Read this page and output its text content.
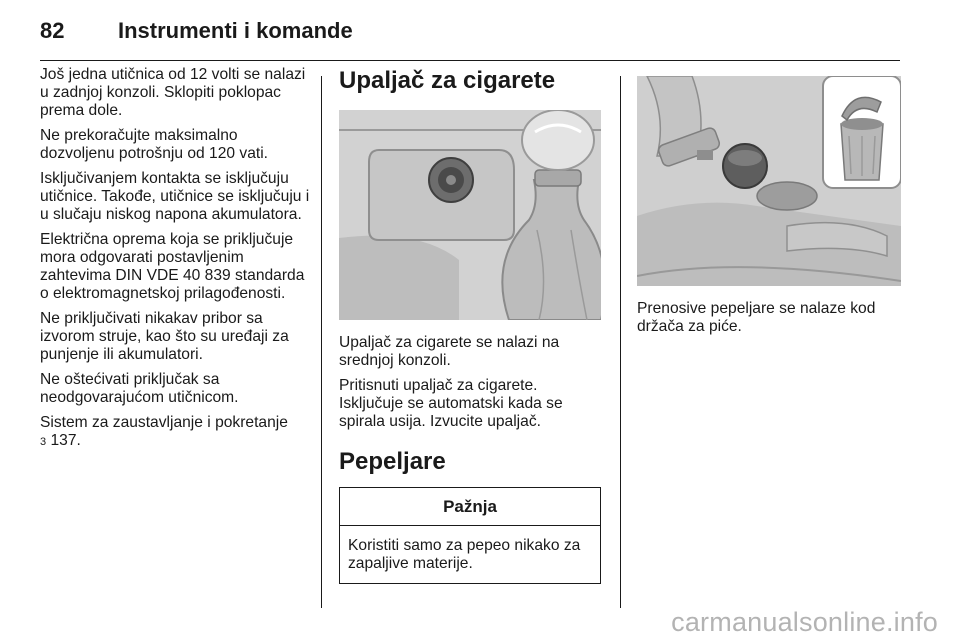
82 Instrumenti i komande

Još jedna utičnica od 12 volti se nalazi u zadnjoj konzoli. Sklopiti poklopac prema dole.

Ne prekoračujte maksimalno dozvoljenu potrošnju od 120 vati.

Isključivanjem kontakta se isključuju utičnice. Takođe, utičnice se isključuju i u slučaju niskog napona akumulatora.

Električna oprema koja se priključuje mora odgovarati postavljenim zahtevima DIN VDE 40 839 standarda o elektromagnetskoj prilagođenosti.

Ne priključivati nikakav pribor sa izvorom struje, kao što su uređaji za punjenje ili akumulatori.

Ne oštećivati priključak sa neodgovarajućom utičnicom.

Sistem za zaustavljanje i pokretanje
3 137.

Upaljač za cigarete

Upaljač za cigarete se nalazi na srednjoj konzoli.

Pritisnuti upaljač za cigarete. Isključuje se automatski kada se spirala usija. Izvucite upaljač.

Pepeljare
Pažnja
Koristiti samo za pepeo nikako za zapaljive materije.

Prenosive pepeljare se nalaze kod držača za piće.

carmanualsonline.info
